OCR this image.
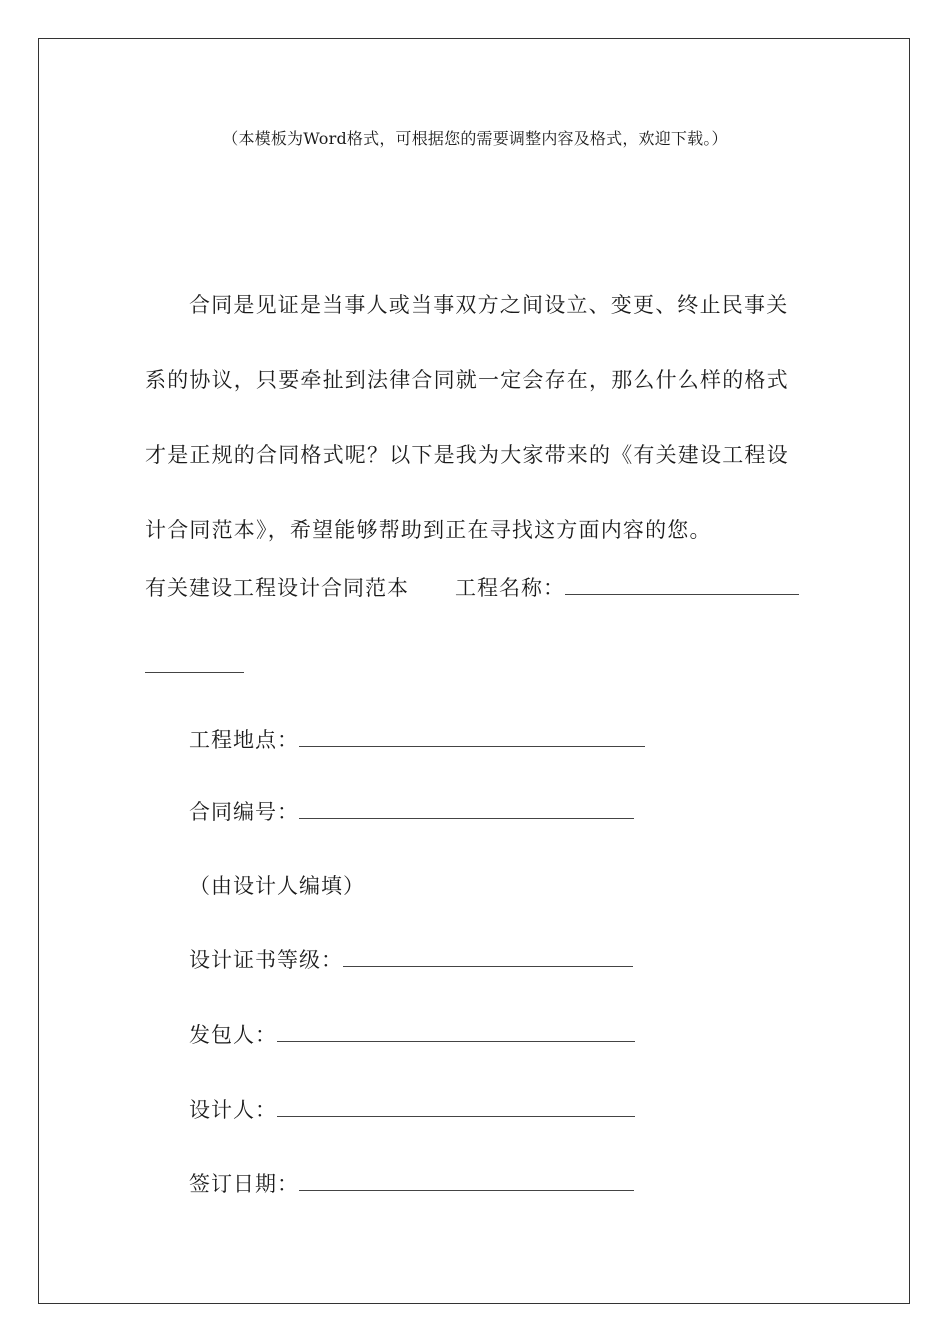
（本模板为Word格式，可根据您的需要调整内容及格式，欢迎下载。）

合同是见证是当事人或当事双方之间设立、变更、终止民事关系的协议，只要牵扯到法律合同就一定会存在，那么什么样的格式才是正规的合同格式呢？以下是我为大家带来的《有关建设工程设计合同范本》，希望能够帮助到正在寻找这方面内容的您。

有关建设工程设计合同范本 工程名称：
工程地点：
合同编号：
（由设计人编填）
设计证书等级：
发包人：
设计人：
签订日期：
